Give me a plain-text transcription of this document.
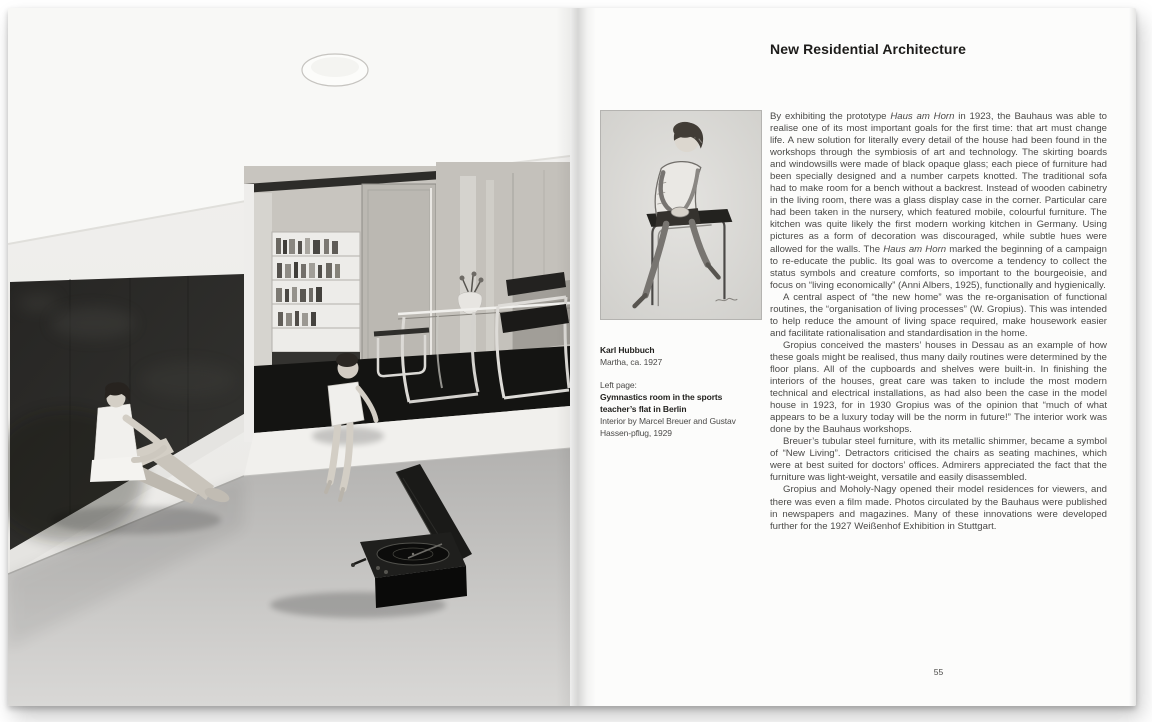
New Residential Architecture
Karl Hubbuch
Martha, ca. 1927
Left page:
Gymnastics room in the sports teacher’s flat in Berlin
Interior by Marcel Breuer and Gustav Hassen-pflug, 1929

By exhibiting the prototype Haus am Horn in 1923, the Bauhaus was able to realise one of its most important goals for the first time: that art must change life. A new solution for literally every detail of the house had been found in the workshops through the symbiosis of art and technology. The skirting boards and windowsills were made of black opaque glass; each piece of furniture had been specially designed and a number carpets knotted. The traditional sofa had to make room for a bench without a backrest. Instead of wooden cabinetry in the living room, there was a glass display case in the corner. Particular care had been taken in the nursery, which featured mobile, colourful furniture. The kitchen was quite likely the first modern working kitchen in Germany. Using pictures as a form of decoration was discouraged, while subtle hues were allowed for the walls. The Haus am Horn marked the beginning of a campaign to re-educate the public. Its goal was to overcome a tendency to collect the status symbols and creature comforts, so important to the bourgeoisie, and focus on “living economically” (Anni Albers, 1925), functionally and hygienically.

A central aspect of “the new home” was the re-organisation of functional routines, the “organisation of living processes” (W. Gropius). This was intended to help reduce the amount of living space required, make housework easier and facilitate rationalisation and standardisation in the home.

Gropius conceived the masters’ houses in Dessau as an example of how these goals might be realised, thus many daily routines were determined by the floor plans. All of the cupboards and shelves were built-in. In finishing the interiors of the houses, great care was taken to include the most modern technical and electrical installations, as had also been the case in the model house in 1923, for in 1930 Gropius was of the opinion that “much of what appears to be a luxury today will be the norm in future!” The interior work was done by the Bauhaus workshops.

Breuer’s tubular steel furniture, with its metallic shimmer, became a symbol of “New Living”. Detractors criticised the chairs as seating machines, which were at best suited for doctors’ offices. Admirers appreciated the fact that the furniture was light-weight, versatile and easily disassembled.

Gropius and Moholy-Nagy opened their model residences for viewers, and there was even a film made. Photos circulated by the Bauhaus were published in newspapers and magazines. Many of these innovations were developed further for the 1927 Weißenhof Exhibition in Stuttgart.

55
